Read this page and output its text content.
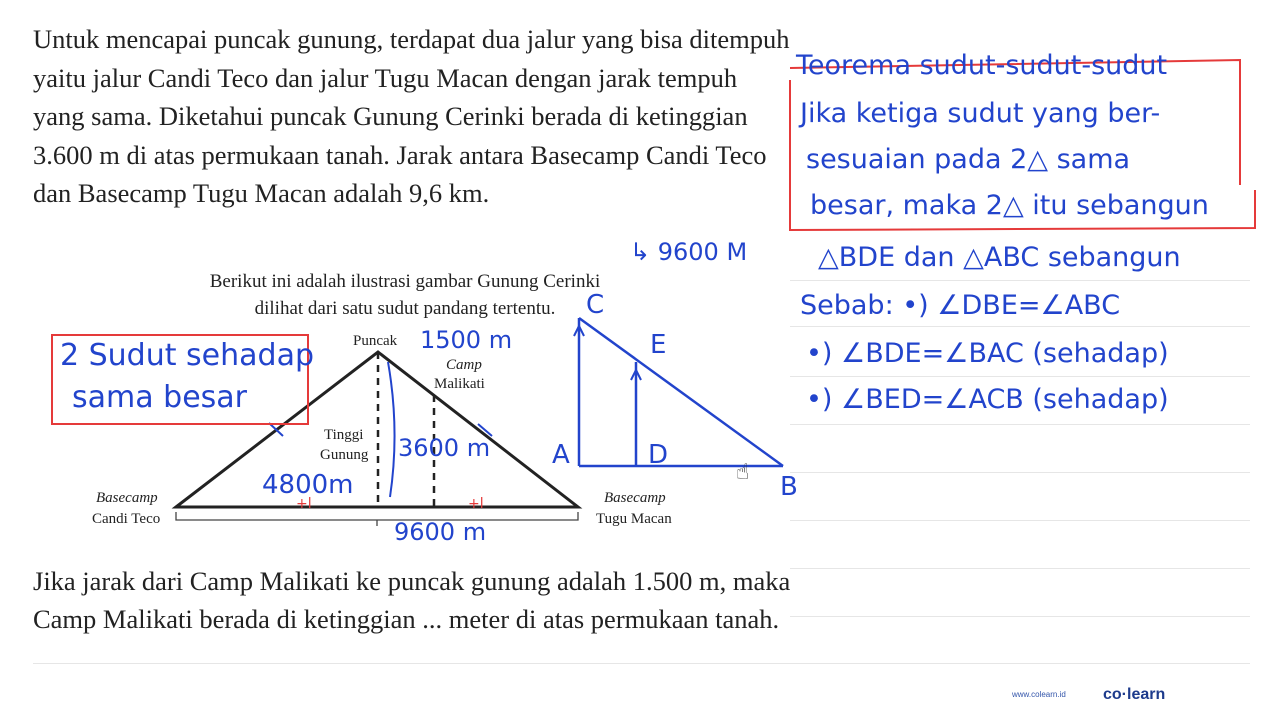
Untuk mencapai puncak gunung, terdapat dua jalur yang bisa ditempuh yaitu jalur Candi Teco dan jalur Tugu Macan dengan jarak tempuh yang sama. Diketahui puncak Gunung Cerinki berada di ketinggian 3.600 m di atas permukaan tanah. Jarak antara Basecamp Candi Teco dan Basecamp Tugu Macan adalah 9,6 km.

Berikut ini adalah ilustrasi gambar Gunung Cerinki
dilihat dari satu sudut pandang tertentu.
Puncak
Camp
Malikati
Tinggi
Gunung
Basecamp
Candi Teco
Basecamp
Tugu Macan

Jika jarak dari Camp Malikati ke puncak gunung adalah 1.500 m, maka Camp Malikati berada di ketinggian ... meter di atas permukaan tanah.

↳ 9600 M
2 Sudut sehadap
sama besar
1500 m
3600 m
4800m
9600 m
+l	+l
C
E
A	D
B
☝
Teorema sudut-sudut-sudut
Jika ketiga sudut yang ber-
sesuaian pada 2△ sama
besar, maka 2△ itu sebangun
△BDE dan △ABC sebangun
Sebab: •) ∠DBE=∠ABC
•) ∠BDE=∠BAC (sehadap)
•) ∠BED=∠ACB (sehadap)
www.colearn.id co·learn
